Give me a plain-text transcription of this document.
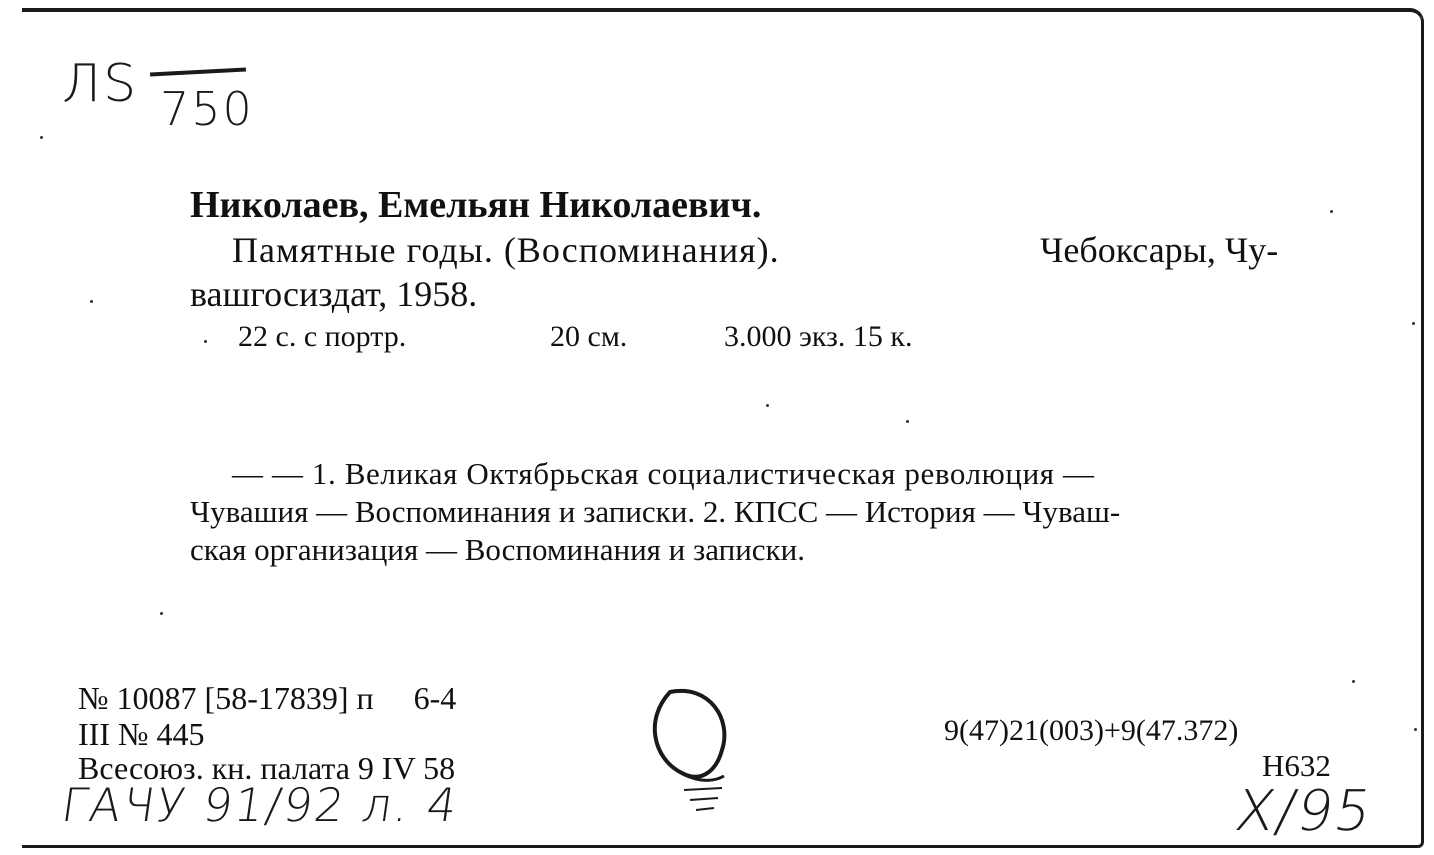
ЛS 750
Николаев, Емельян Николаевич.
Памятные годы. (Воспоминания).	Чебоксары, Чу-
вашгосиздат, 1958.
22 с. с портр.	20 см.	3.000 экз. 15 к.
— — 1. Великая Октябрьская социалистическая революция —
Чувашия — Воспоминания и записки. 2. КПСС — История — Чуваш-
ская организация — Воспоминания и записки.
№ 10087 [58-17839] п     6-4
III № 445
Всесоюз. кн. палата 9 IV 58
9(47)21(003)+9(47.372)
Н632
ГАЧУ 91/92 л. 4	Х/95
